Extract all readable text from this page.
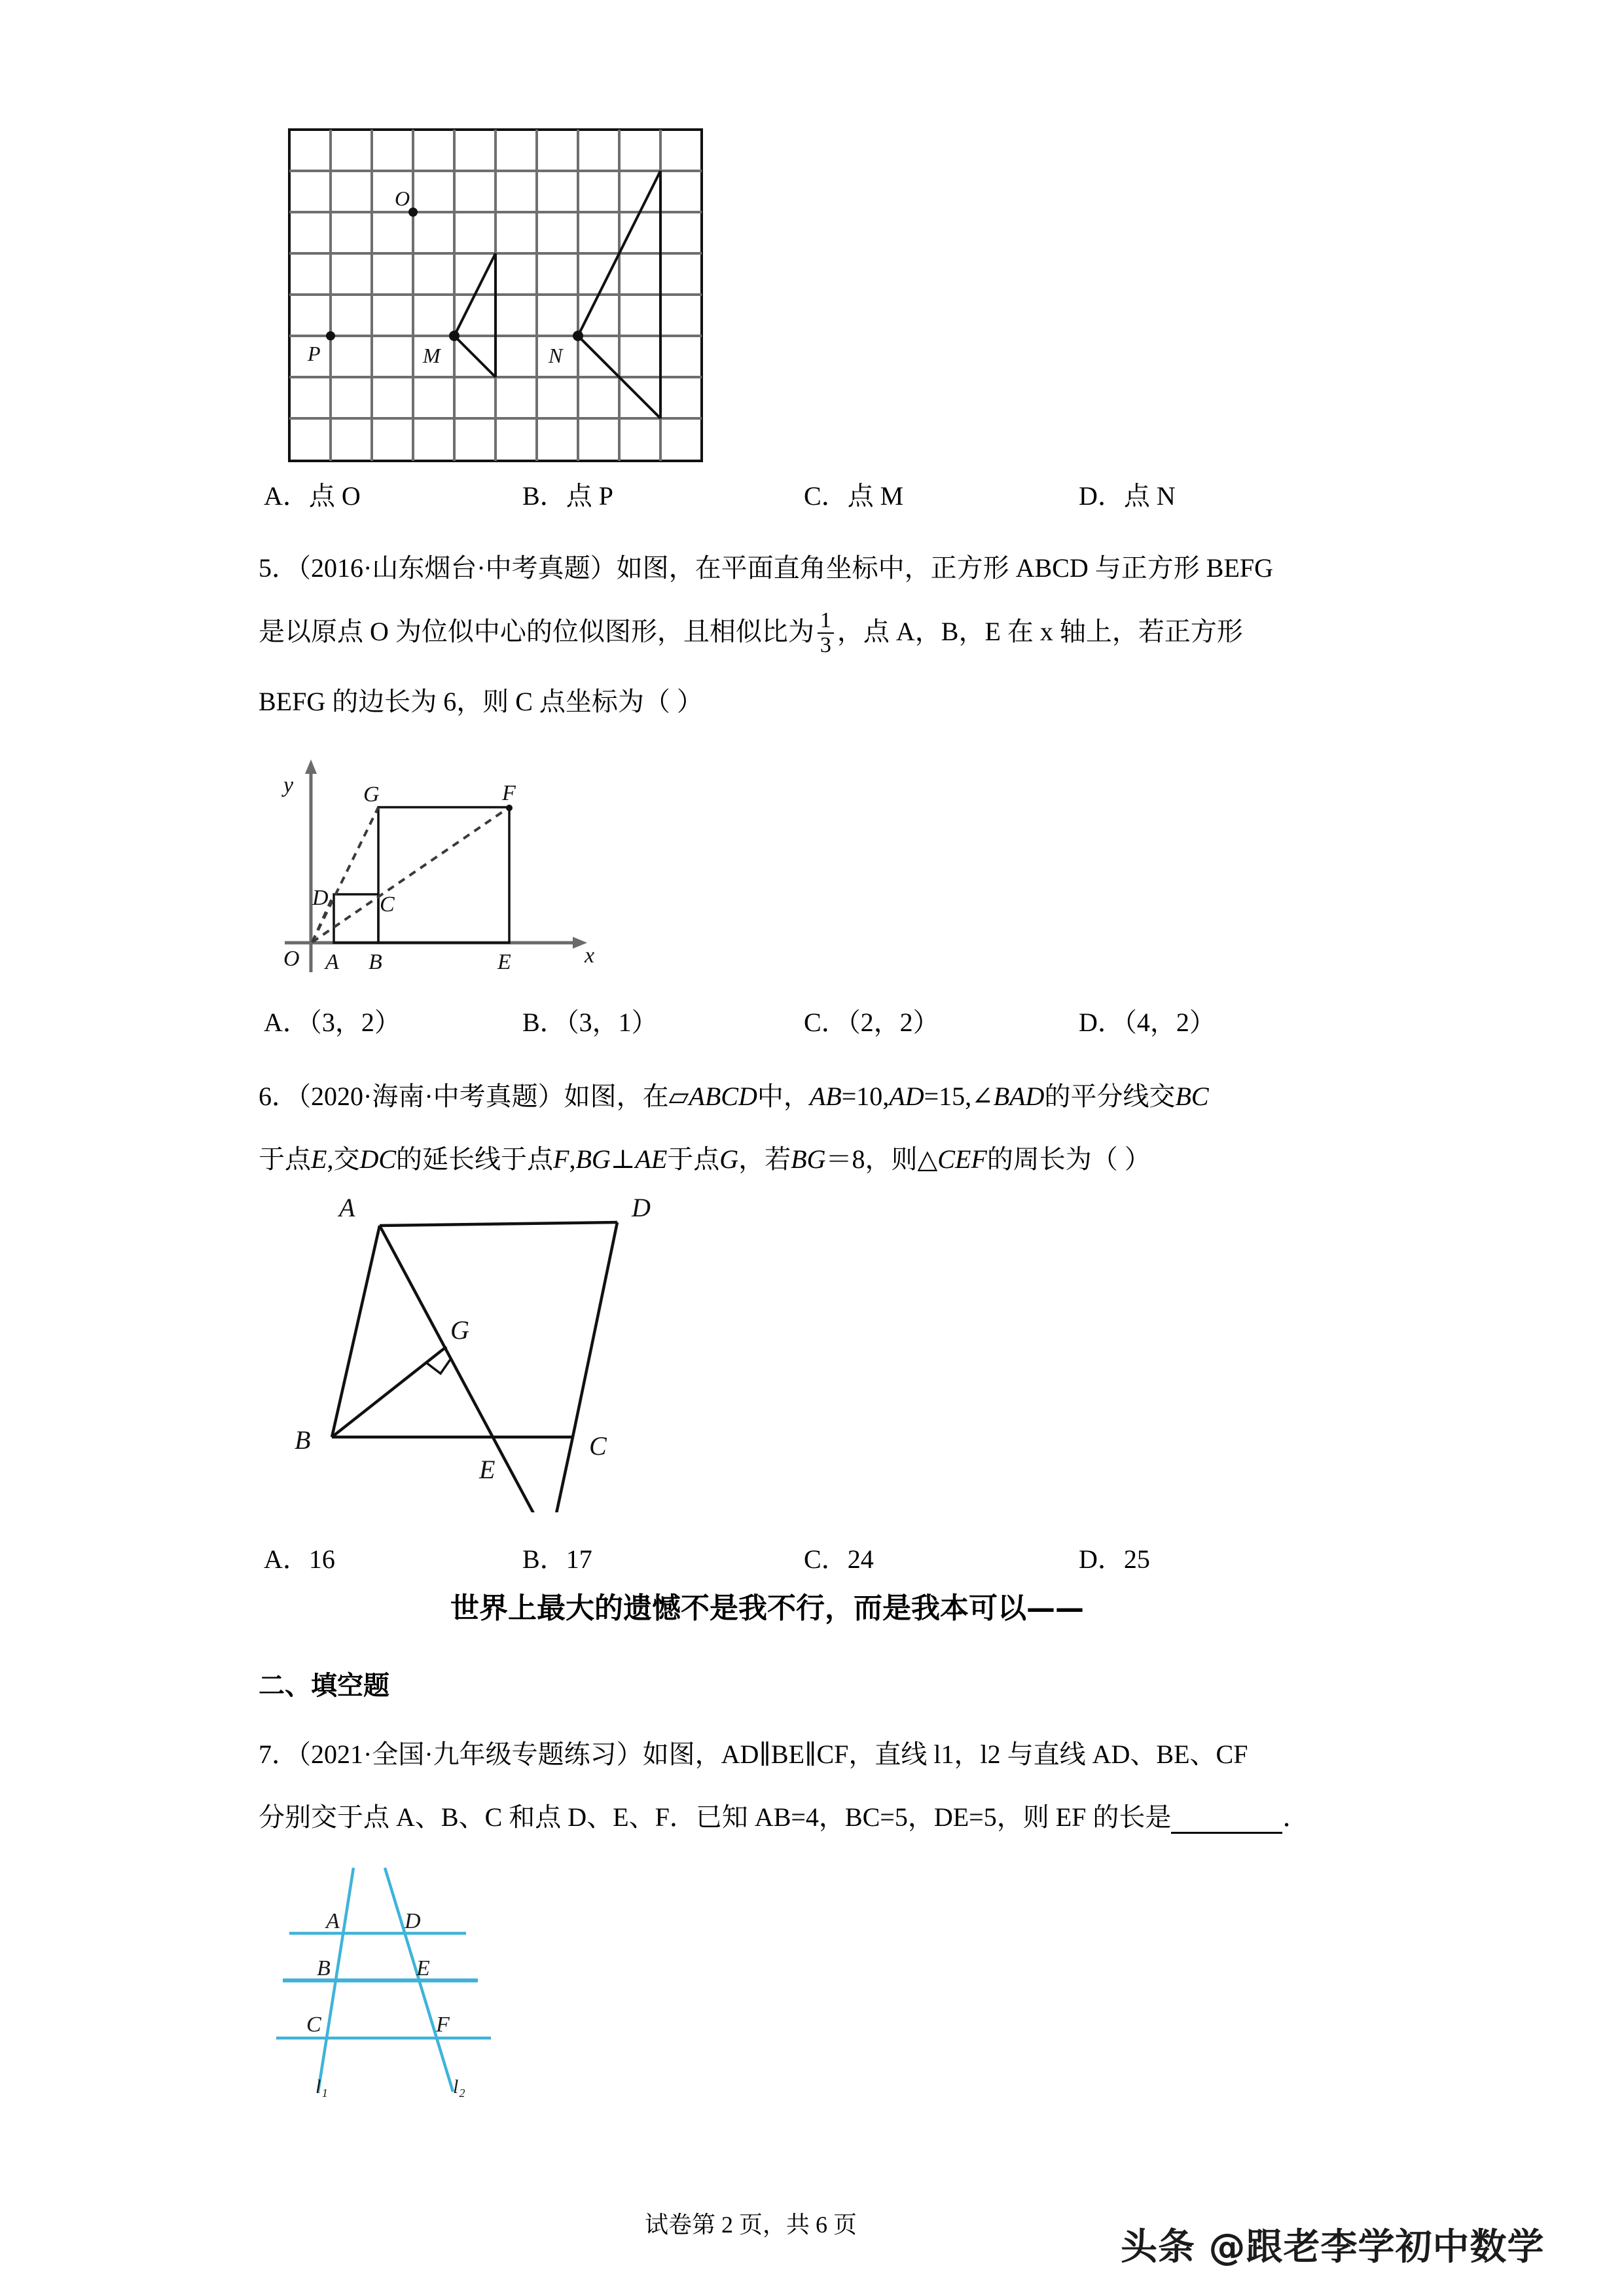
O
P	M	N
A．点 O	B．点 P	C．点 M	D．点 N
5．（2016·山东烟台·中考真题）如图，在平面直角坐标中，正方形 ABCD 与正方形 BEFG
是以原点 O 为位似中心的位似图形，且相似比为 $\frac{1}{3}$ ，点 A，B，E 在 x 轴上，若正方形
BEFG 的边长为 6，则 C 点坐标为（ ）
y
x
O A B	E
D C
G	F
A．（3，2）	B．（3，1）	C．（2，2）	D．（4，2）
6．（2020·海南·中考真题）如图，在▱ABCD中，AB=10,AD=15,∠BAD的平分线交BC
于点E,交DC的延长线于点F,BG⊥AE于点G，若BG＝8，则△CEF的周长为（ ）
A	D
G
B
E
C
A．16	B．17	C．24	D．25
世界上最大的遗憾不是我不行，而是我本可以——
二、填空题
7．（2021·全国·九年级专题练习）如图，AD∥BE∥CF，直线 l1，l2 与直线 AD、BE、CF
分别交于点 A、B、C 和点 D、E、F．已知 AB=4，BC=5，DE=5，则 EF 的长是	．
A	D
B	E
C	F
l₁	l₂
试卷第 2 页，共 6 页
头条 @跟老李学初中数学
